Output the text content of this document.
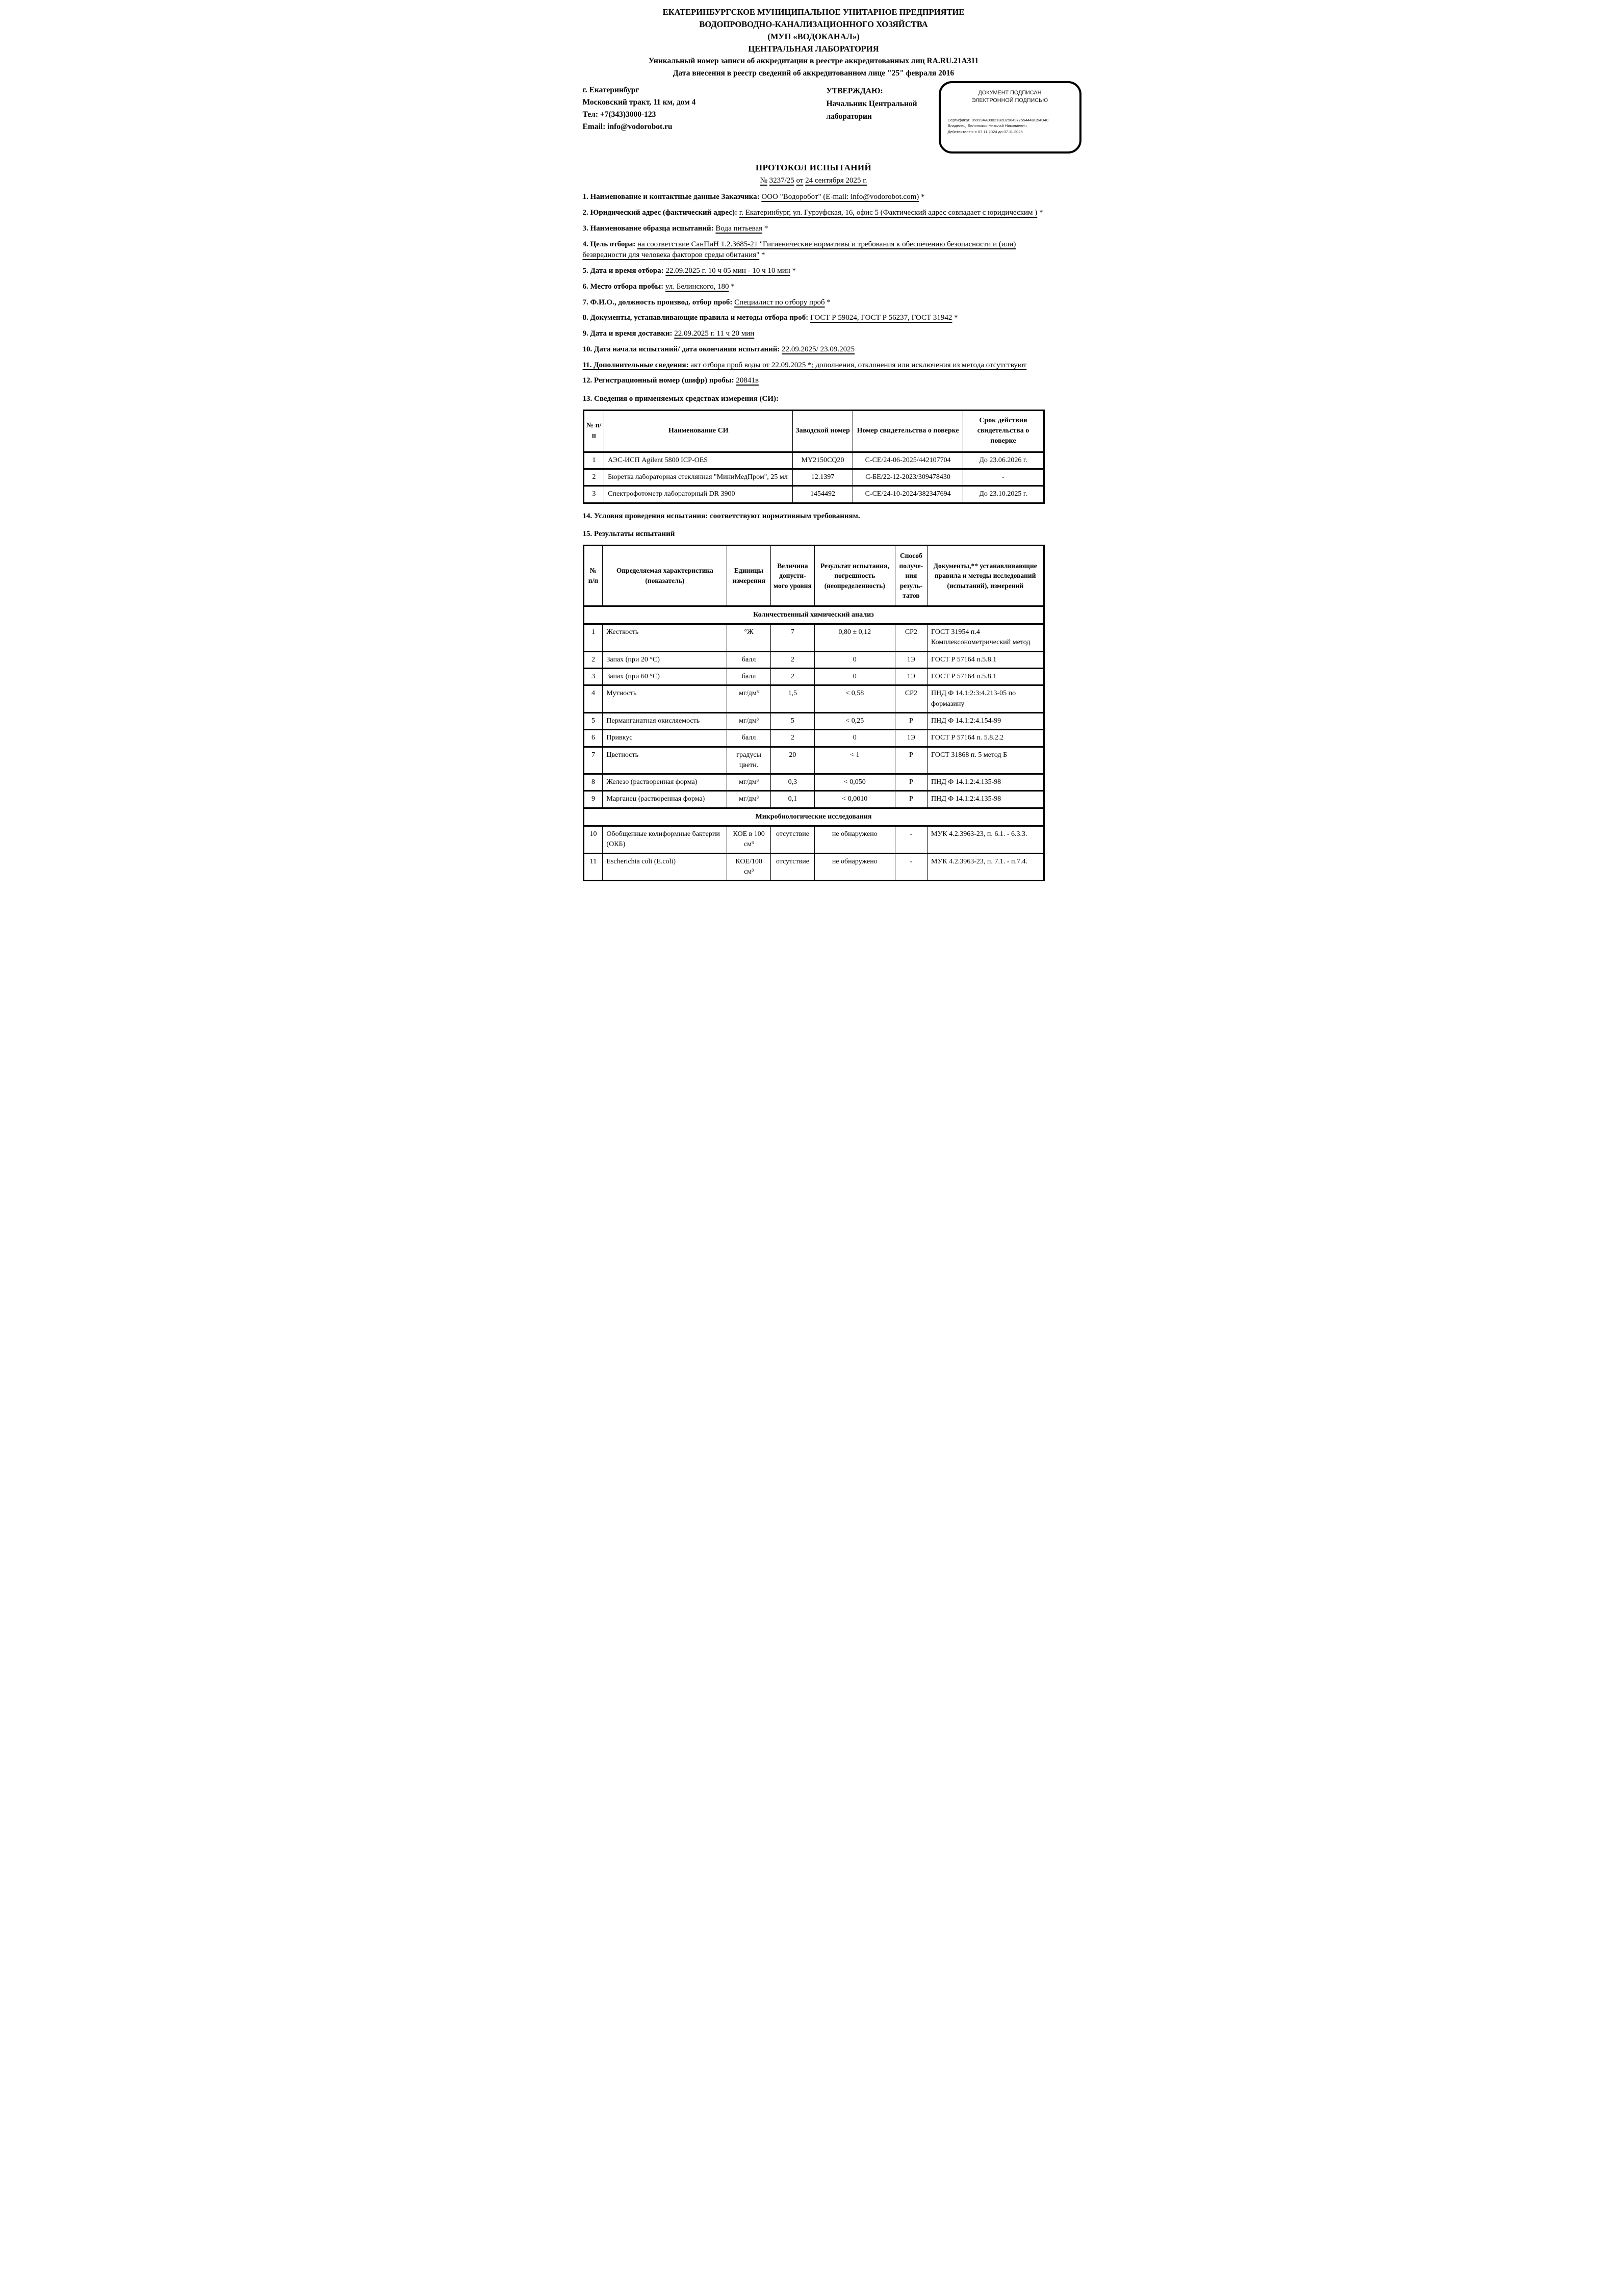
ЕКАТЕРИНБУРГСКОЕ МУНИЦИПАЛЬНОЕ УНИТАРНОЕ ПРЕДПРИЯТИЕ
ВОДОПРОВОДНО-КАНАЛИЗАЦИОННОГО ХОЗЯЙСТВА
(МУП «ВОДОКАНАЛ»)
ЦЕНТРАЛЬНАЯ ЛАБОРАТОРИЯ
Уникальный номер записи об аккредитации в реестре аккредитованных лиц RA.RU.21АЗ11
Дата внесения в реестр сведений об аккредитованном лице "25" февраля 2016
г. Екатеринбург
Московский тракт, 11 км, дом 4
Тел: +7(343)3000-123
Email: info@vodorobot.ru
УТВЕРЖДАЮ:
Начальник Центральной
лаборатории
ДОКУМЕНТ ПОДПИСАН
ЭЛЕКТРОННОЙ ПОДПИСЬЮ
Сертификат: 05999AA00021B2B298497755444BC54D40
Владелец: Белоножко Николай Николаевич
Действителен: с 07.11.2024 до 07.11.2025
ПРОТОКОЛ ИСПЫТАНИЙ
№ 3237/25 от 24 сентября 2025 г.
1. Наименование и контактные данные Заказчика: ООО "Водоробот" (E-mail: info@vodorobot.com) *
2. Юридический адрес (фактический адрес): г. Екатеринбург, ул. Гурзуфская, 16, офис 5 (Фактический адрес совпадает с юридическим ) *
3. Наименование образца испытаний: Вода питьевая *
4. Цель отбора: на соответствие СанПиН 1.2.3685-21 "Гигиенические нормативы и требования к обеспечению безопасности и (или) безвредности для человека факторов среды обитания" *
5. Дата и время отбора: 22.09.2025 г. 10 ч 05 мин - 10 ч 10 мин *
6. Место отбора пробы: ул. Белинского, 180 *
7. Ф.И.О., должность производ. отбор проб: Специалист по отбору проб *
8. Документы, устанавливающие правила и методы отбора проб: ГОСТ Р 59024, ГОСТ Р 56237, ГОСТ 31942 *
9. Дата и время доставки: 22.09.2025 г. 11 ч 20 мин
10. Дата начала испытаний/ дата окончания испытаний: 22.09.2025/ 23.09.2025
11. Дополнительные сведения: акт отбора проб воды от 22.09.2025 *; дополнения, отклонения или исключения из метода отсутствуют
12. Регистрационный номер (шифр) пробы: 20841в
13. Сведения о применяемых средствах измерения (СИ):
№ п/п	Наименование СИ	Заводской номер	Номер свидетельства о поверке	Срок действия свидетельства о поверке
1	АЭС-ИСП Agilent 5800 ICP-OES	MY2150CQ20	С-СЕ/24-06-2025/442107704	До 23.06.2026 г.
2	Бюретка лабораторная стеклянная "МиниМедПром", 25 мл	12.1397	С-БЕ/22-12-2023/309478430	-
3	Спектрофотометр лабораторный DR 3900	1454492	С-СЕ/24-10-2024/382347694	До 23.10.2025 г.
14. Условия проведения испытания: соответствуют нормативным требованиям.
15. Результаты испытаний
№ п/п	Определяемая характеристика (показатель)	Единицы измерения	Величина допусти- мого уровня	Результат испытания, погрешность (неопределенность)	Способ получе- ния резуль- татов	Документы,** устанавливающие правила и методы исследований (испытаний), измерений
Количественный химический анализ						
1	Жесткость	°Ж	7	0,80 ± 0,12	СР2	ГОСТ 31954 п.4 Комплексонометрический метод
2	Запах (при 20 °С)	балл	2	0	1Э	ГОСТ Р 57164 п.5.8.1
3	Запах (при 60 °С)	балл	2	0	1Э	ГОСТ Р 57164 п.5.8.1
4	Мутность	мг/дм³	1,5	< 0,58	СР2	ПНД Ф 14.1:2:3:4.213-05 по формазину
5	Перманганатная окисляемость	мг/дм³	5	< 0,25	Р	ПНД Ф 14.1:2:4.154-99
6	Привкус	балл	2	0	1Э	ГОСТ Р 57164 п. 5.8.2.2
7	Цветность	градусы цветн.	20	< 1	Р	ГОСТ 31868 п. 5 метод Б
8	Железо (растворенная форма)	мг/дм³	0,3	< 0,050	Р	ПНД Ф 14.1:2:4.135-98
9	Марганец (растворенная форма)	мг/дм³	0,1	< 0,0010	Р	ПНД Ф 14.1:2:4.135-98
Микробиологические исследования						
10	Обобщенные колиформные бактерии (ОКБ)	КОЕ в 100 см³	отсутствие	не обнаружено	-	МУК 4.2.3963-23, п. 6.1. - 6.3.3.
11	Escherichia coli (E.coli)	КОЕ/100 см³	отсутствие	не обнаружено	-	МУК 4.2.3963-23, п. 7.1. - п.7.4.
